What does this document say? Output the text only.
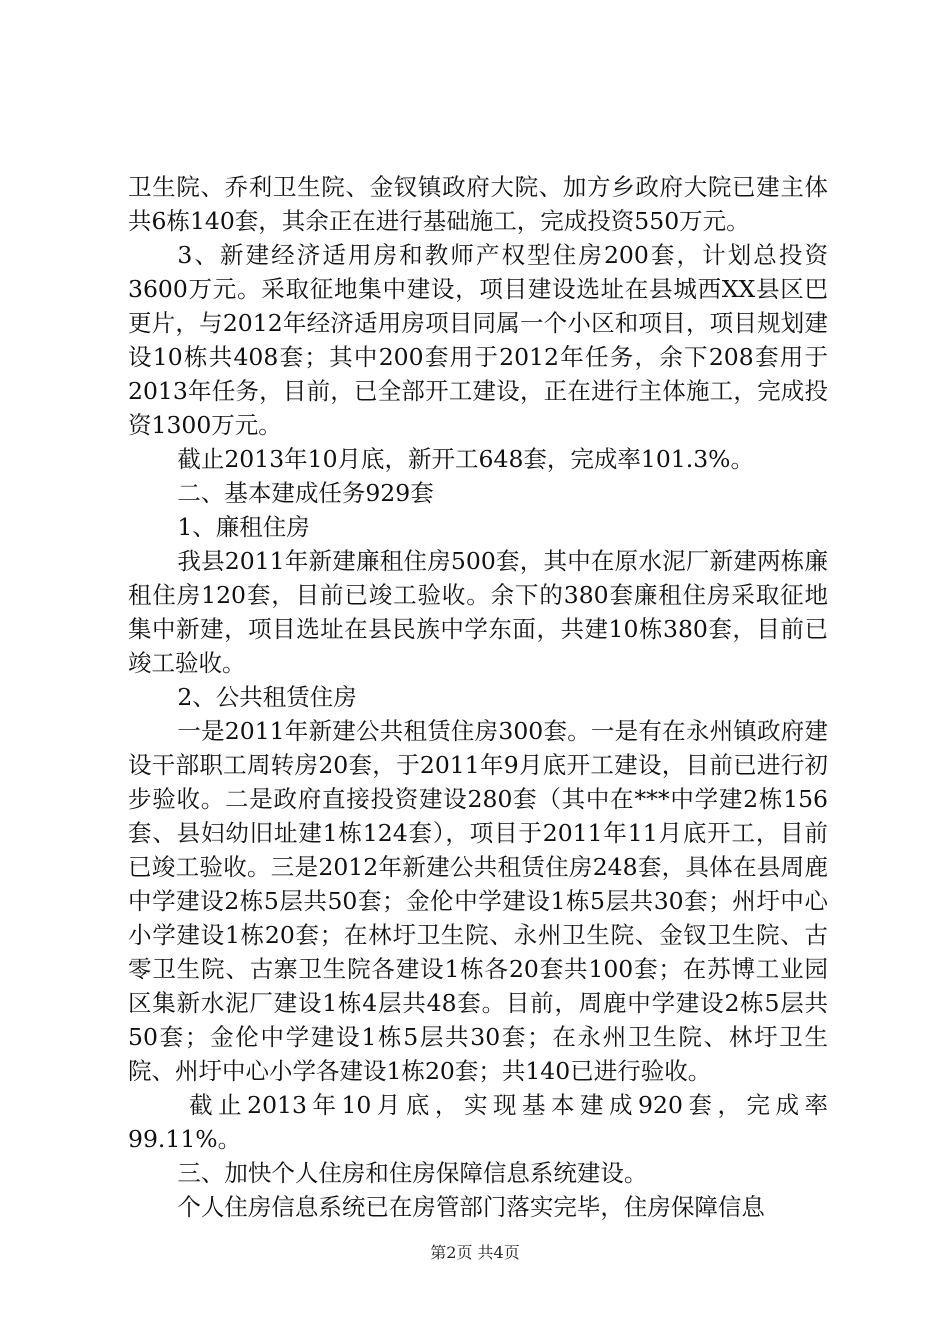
卫生院、乔利卫生院、金钗镇政府大院、加方乡政府大院已建主体共6栋140套，其余正在进行基础施工，完成投资550万元。

3、新建经济适用房和教师产权型住房200套，计划总投资3600万元。采取征地集中建设，项目建设选址在县城西XX县区巴更片，与2012年经济适用房项目同属一个小区和项目，项目规划建设10栋共408套；其中200套用于2012年任务，余下208套用于2013年任务，目前，已全部开工建设，正在进行主体施工，完成投资1300万元。

截止2013年10月底，新开工648套，完成率101.3%。

二、基本建成任务929套

1、廉租住房

我县2011年新建廉租住房500套，其中在原水泥厂新建两栋廉租住房120套，目前已竣工验收。余下的380套廉租住房采取征地集中新建，项目选址在县民族中学东面，共建10栋380套，目前已竣工验收。

2、公共租赁住房

一是2011年新建公共租赁住房300套。一是有在永州镇政府建设干部职工周转房20套，于2011年9月底开工建设，目前已进行初步验收。二是政府直接投资建设280套（其中在***中学建2栋156套、县妇幼旧址建1栋124套），项目于2011年11月底开工，目前已竣工验收。三是2012年新建公共租赁住房248套，具体在县周鹿中学建设2栋5层共50套；金伦中学建设1栋5层共30套；州圩中心小学建设1栋20套；在林圩卫生院、永州卫生院、金钗卫生院、古零卫生院、古寨卫生院各建设1栋各20套共100套；在苏博工业园区集新水泥厂建设1栋4层共48套。目前，周鹿中学建设2栋5层共50套；金伦中学建设1栋5层共30套；在永州卫生院、林圩卫生院、州圩中心小学各建设1栋20套；共140已进行验收。

截止2013年10月底，实现基本建成920套，完成率99.11%。

三、加快个人住房和住房保障信息系统建设。

个人住房信息系统已在房管部门落实完毕，住房保障信息

第2页 共4页
